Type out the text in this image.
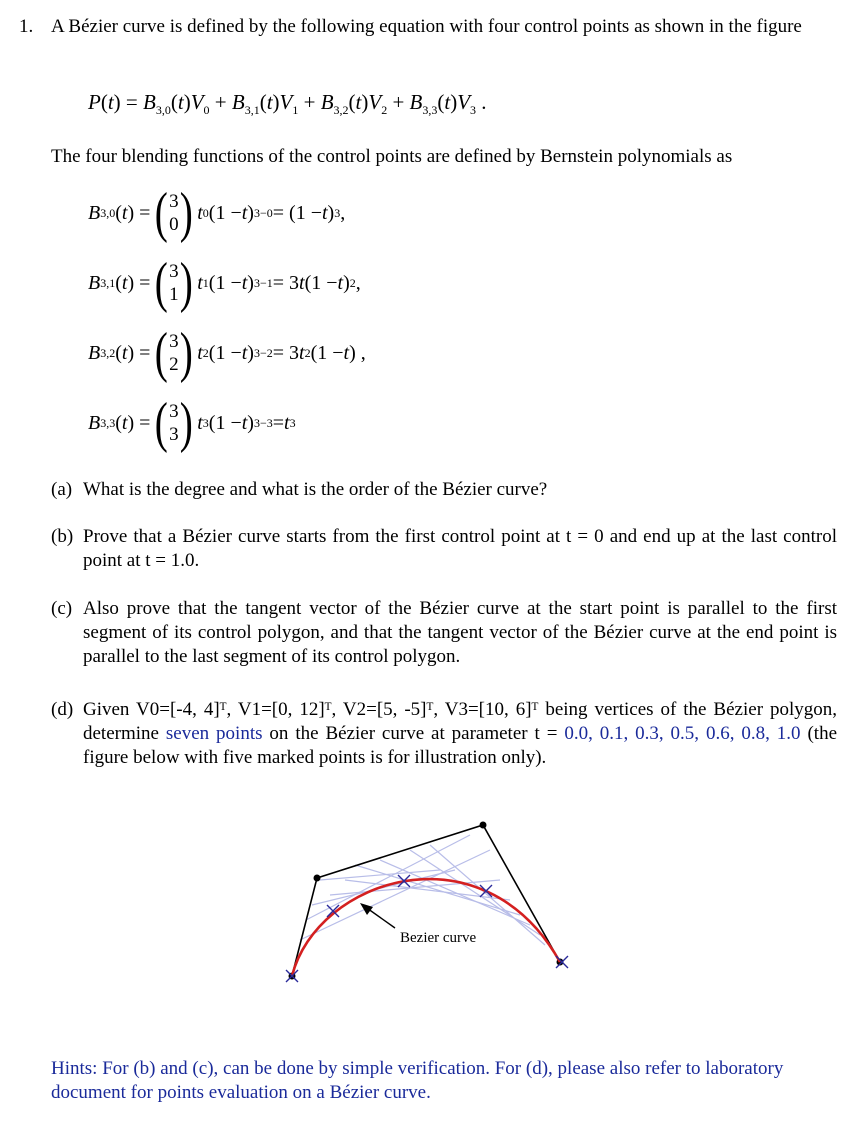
1. A Bézier curve is defined by the following equation with four control points as shown in the figure
$P(t) = B_{3,0}(t)V_0 + B_{3,1}(t)V_1 + B_{3,2}(t)V_2 + B_{3,3}(t)V_3$ .
The four blending functions of the control points are defined by Bernstein polynomials as
B 3,0 ( t ) = ( 3
0 ) t 0 (1 − t ) 3−0 = (1 − t ) 3 ,
B 3,1 ( t ) = ( 3
1 ) t 1 (1 − t ) 3−1 = 3 t (1 − t ) 2 ,
B 3,2 ( t ) = ( 3
2 ) t 2 (1 − t ) 3−2 = 3 t 2 (1 − t ) ,
B 3,3 ( t ) = ( 3
3 ) t 3 (1 − t ) 3−3 = t 3
(a) What is the degree and what is the order of the Bézier curve?
(b) Prove that a Bézier curve starts from the first control point at t = 0 and end up at the last control point at t = 1.0.
(c) Also prove that the tangent vector of the Bézier curve at the start point is parallel to the first segment of its control polygon, and that the tangent vector of the Bézier curve at the end point is parallel to the last segment of its control polygon.
(d) Given V0=[-4, 4]ᵀ, V1=[0, 12]ᵀ, V2=[5, -5]ᵀ, V3=[10, 6]ᵀ being vertices of the Bézier polygon, determine seven points on the Bézier curve at parameter t = 0.0, 0.1, 0.3, 0.5, 0.6, 0.8, 1.0 (the figure below with five marked points is for illustration only).
Bezier curve
Hints: For (b) and (c), can be done by simple verification. For (d), please also refer to laboratory document for points evaluation on a Bézier curve.
